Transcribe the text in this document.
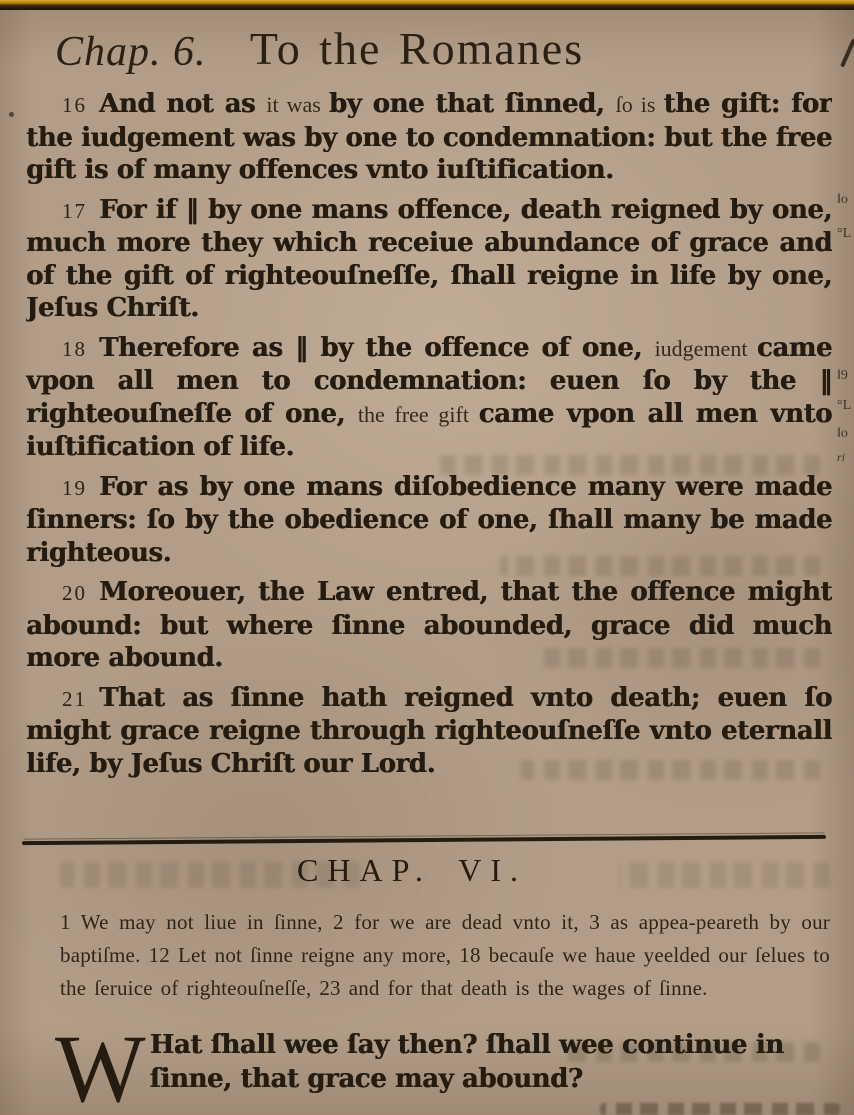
Chap. 6. To the Romanes

16 And not as it was by one that ſinned, ſo is the gift: for the iudgement was by one to condemnation: but the free gift is of many offences vnto iuſtification.

17 For if ‖ by one mans offence, death reigned by one, much more they which receiue abundance of grace and of the gift of righteouſneſſe, ſhall reigne in life by one, Jeſus Chriſt.

18 Therefore as ‖ by the offence of one, iudgement came vpon all men to condemnation: euen ſo by the ‖ righteouſneſſe of one, the free gift came vpon all men vnto iuſtification of life.

19 For as by one mans diſobedience many were made ſinners: ſo by the obedience of one, ſhall many be made righteous.

20 Moreouer, the Law entred, that the offence might abound: but where ſinne abounded, grace did much more abound.

21 That as ſinne hath reigned vnto death; euen ſo might grace reigne through righteouſneſſe vnto eternall life, by Jeſus Chriſt our Lord.

CHAP. VI.
1 We may not liue in ſinne, 2 for we are dead vnto it, 3 as appea-peareth by our baptiſme. 12 Let not ſinne reigne any more, 18 becauſe we haue yeelded our ſelues to the ſeruice of righteouſneſſe, 23 and for that death is the wages of ſinne.
W Hat ſhall wee ſay then? ſhall wee continue in ſinne, that grace may abound?
‖o
°L
‖9
°L
‖o
ri
